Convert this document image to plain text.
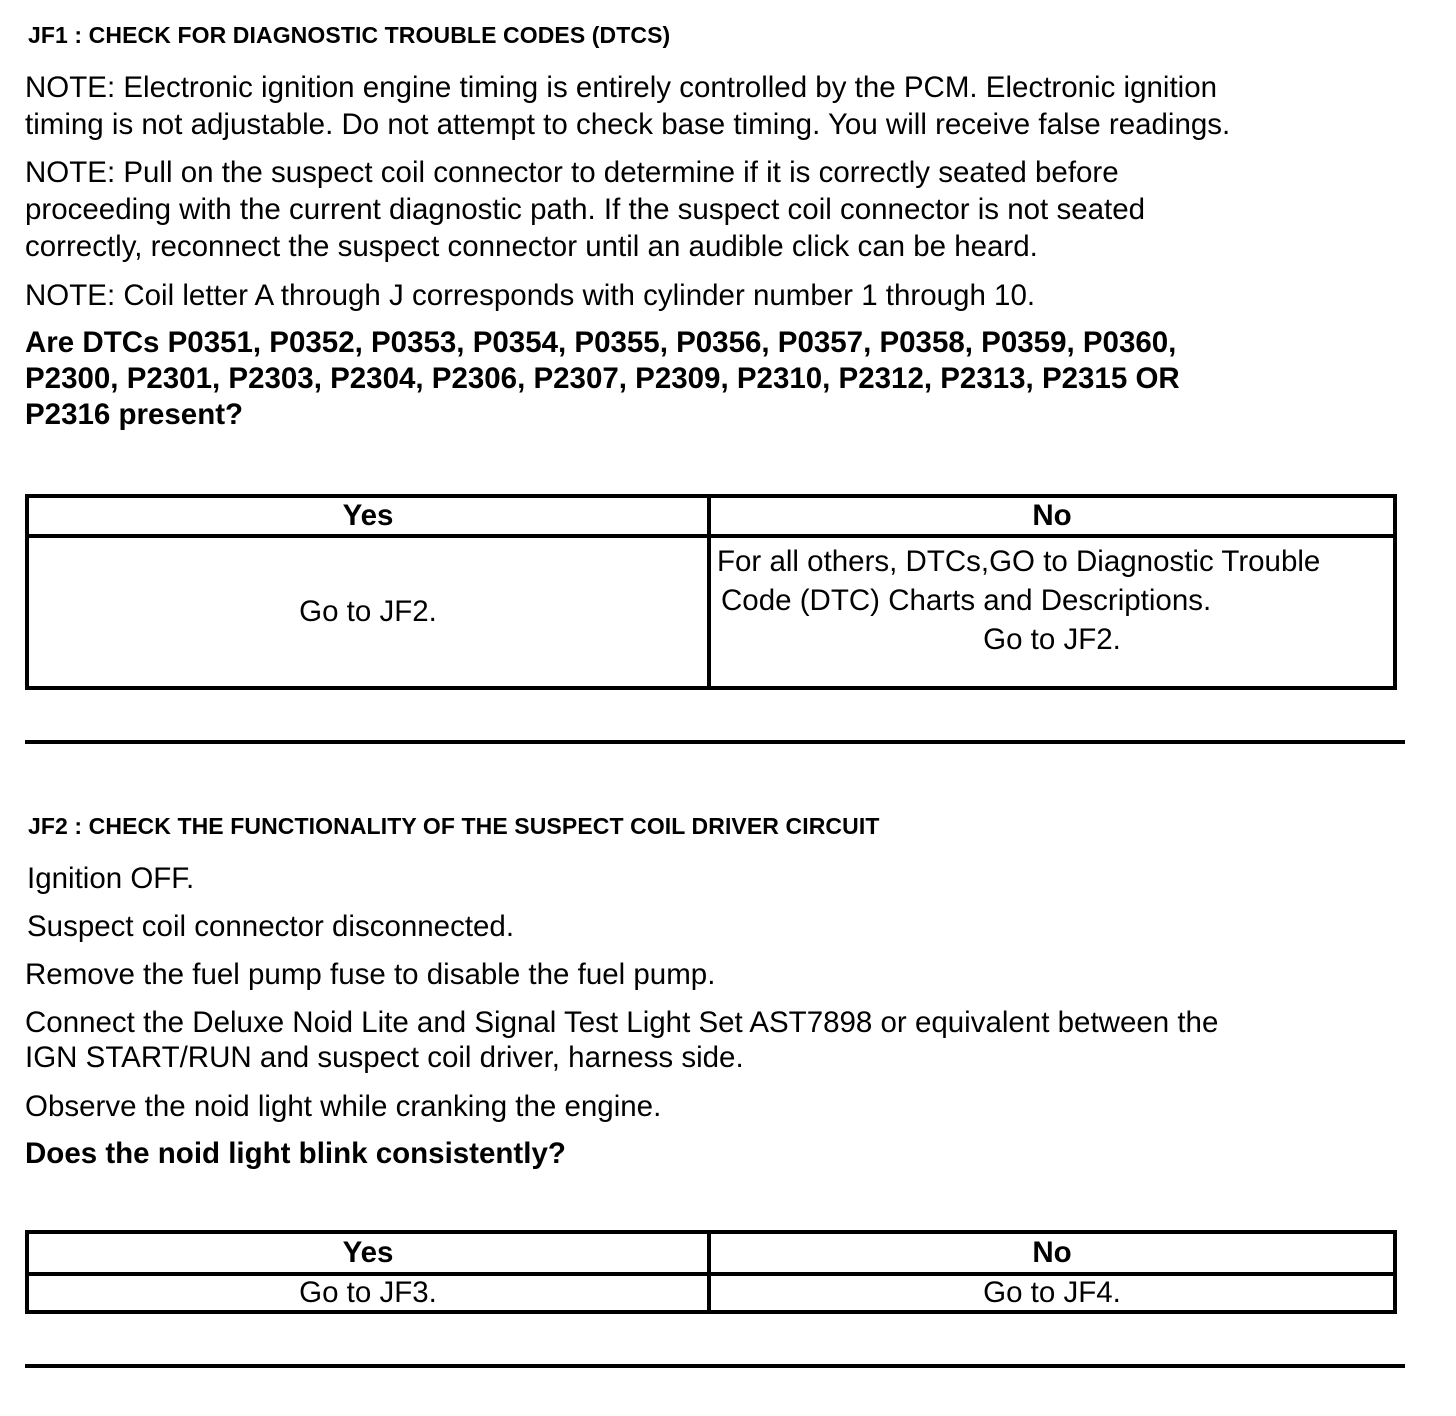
JF1 : CHECK FOR DIAGNOSTIC TROUBLE CODES (DTCS)
NOTE: Electronic ignition engine timing is entirely controlled by the PCM. Electronic ignition
timing is not adjustable. Do not attempt to check base timing. You will receive false readings.
NOTE: Pull on the suspect coil connector to determine if it is correctly seated before
proceeding with the current diagnostic path. If the suspect coil connector is not seated
correctly, reconnect the suspect connector until an audible click can be heard.
NOTE: Coil letter A through J corresponds with cylinder number 1 through 10.
Are DTCs P0351, P0352, P0353, P0354, P0355, P0356, P0357, P0358, P0359, P0360,
P2300, P2301, P2303, P2304, P2306, P2307, P2309, P2310, P2312, P2313, P2315 OR
P2316 present?
Yes	No
Go to JF2.	For all others, DTCs,GO to Diagnostic Trouble
Code (DTC) Charts and Descriptions.
Go to JF2.
JF2 : CHECK THE FUNCTIONALITY OF THE SUSPECT COIL DRIVER CIRCUIT
Ignition OFF.
Suspect coil connector disconnected.
Remove the fuel pump fuse to disable the fuel pump.
Connect the Deluxe Noid Lite and Signal Test Light Set AST7898 or equivalent between the
IGN START/RUN and suspect coil driver, harness side.
Observe the noid light while cranking the engine.
Does the noid light blink consistently?
Yes	No
Go to JF3.	Go to JF4.
